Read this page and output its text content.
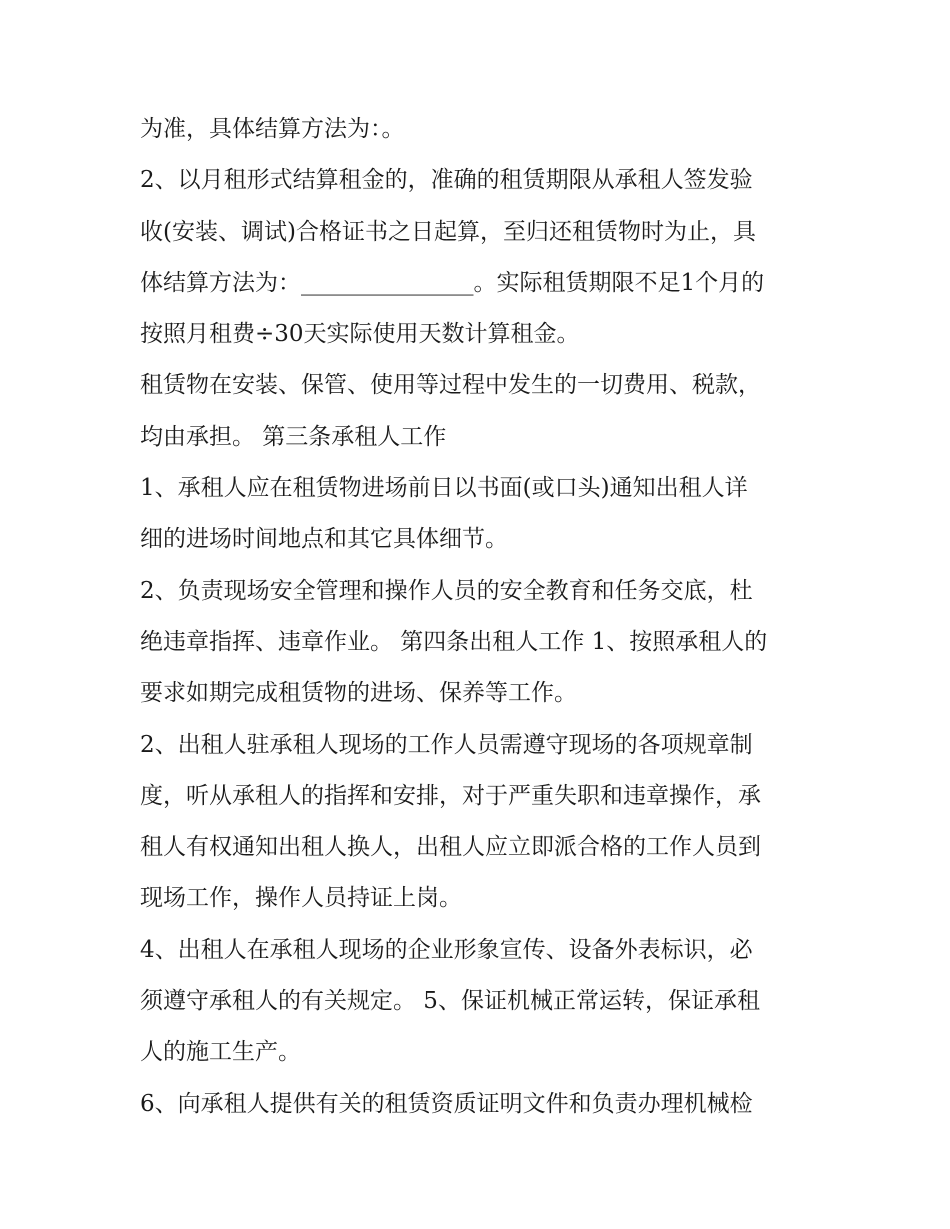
为准，具体结算方法为：。
2、以月租形式结算租金的，准确的租赁期限从承租人签发验
收(安装、调试)合格证书之日起算，至归还租赁物时为止，具
体结算方法为：_______________。实际租赁期限不足1个月的
按照月租费÷30天实际使用天数计算租金。
租赁物在安装、保管、使用等过程中发生的一切费用、税款，
均由承担。 第三条承租人工作
1、承租人应在租赁物进场前日以书面(或口头)通知出租人详
细的进场时间地点和其它具体细节。
2、负责现场安全管理和操作人员的安全教育和任务交底，杜
绝违章指挥、违章作业。 第四条出租人工作 1、按照承租人的
要求如期完成租赁物的进场、保养等工作。
2、出租人驻承租人现场的工作人员需遵守现场的各项规章制
度，听从承租人的指挥和安排，对于严重失职和违章操作，承
租人有权通知出租人换人，出租人应立即派合格的工作人员到
现场工作，操作人员持证上岗。
4、出租人在承租人现场的企业形象宣传、设备外表标识，必
须遵守承租人的有关规定。 5、保证机械正常运转，保证承租
人的施工生产。
6、向承租人提供有关的租赁资质证明文件和负责办理机械检
